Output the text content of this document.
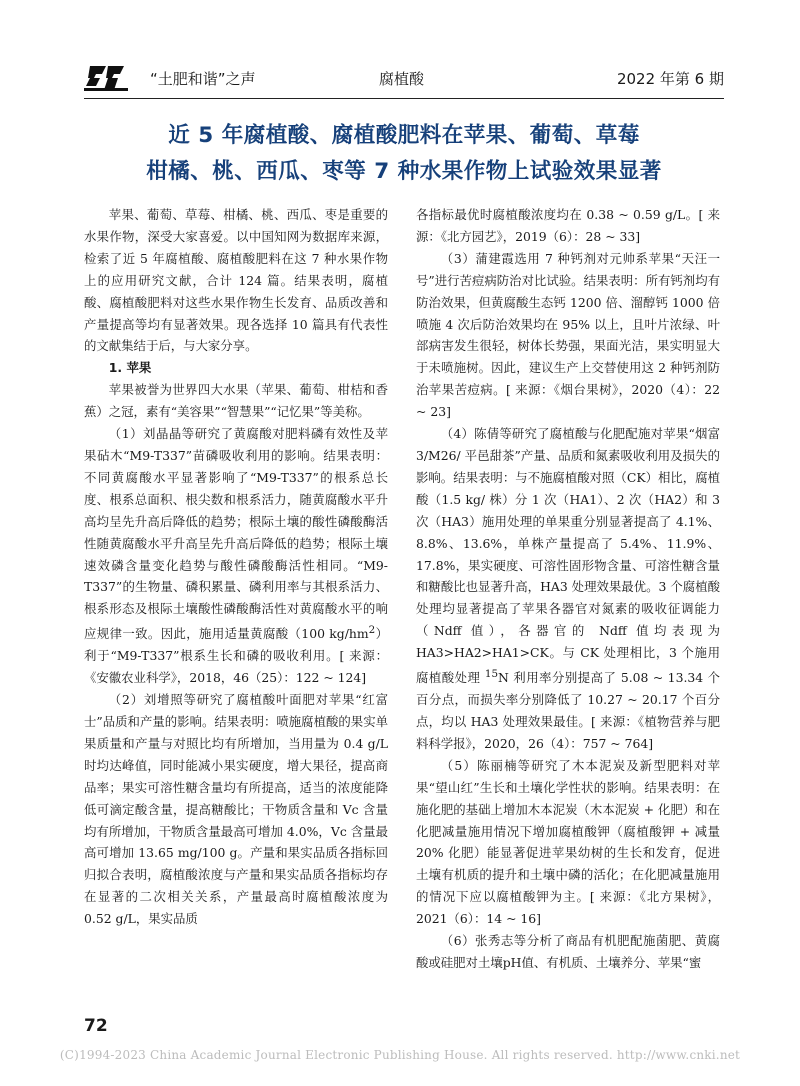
“土肥和谐”之声	腐植酸	2022 年第 6 期
近 5 年腐植酸、腐植酸肥料在苹果、葡萄、草莓
柑橘、桃、西瓜、枣等 7 种水果作物上试验效果显著

苹果、葡萄、草莓、柑橘、桃、西瓜、枣是重要的水果作物，深受大家喜爱。以中国知网为数据库来源，检索了近 5 年腐植酸、腐植酸肥料在这 7 种水果作物上的应用研究文献，合计 124 篇。结果表明，腐植酸、腐植酸肥料对这些水果作物生长发育、品质改善和产量提高等均有显著效果。现各选择 10 篇具有代表性的文献集结于后，与大家分享。

1. 苹果

苹果被誉为世界四大水果（苹果、葡萄、柑桔和香蕉）之冠，素有“美容果”“智慧果”“记忆果”等美称。

（1）刘晶晶等研究了黄腐酸对肥料磷有效性及苹果砧木“M9-T337”苗磷吸收利用的影响。结果表明：不同黄腐酸水平显著影响了“M9-T337”的根系总长度、根系总面积、根尖数和根系活力，随黄腐酸水平升高均呈先升高后降低的趋势；根际土壤的酸性磷酸酶活性随黄腐酸水平升高呈先升高后降低的趋势；根际土壤速效磷含量变化趋势与酸性磷酸酶活性相同。“M9-T337”的生物量、磷积累量、磷利用率与其根系活力、根系形态及根际土壤酸性磷酸酶活性对黄腐酸水平的响应规律一致。因此，施用适量黄腐酸（100 $kg/hm^2$）利于“M9-T337”根系生长和磷的吸收利用。[ 来源：《安徽农业科学》，2018，46（25）：122 ~ 124]

（2）刘增照等研究了腐植酸叶面肥对苹果“红富士”品质和产量的影响。结果表明：喷施腐植酸的果实单果质量和产量与对照比均有所增加，当用量为 0.4 g/L 时均达峰值，同时能减小果实硬度，增大果径，提高商品率；果实可溶性糖含量均有所提高，适当的浓度能降低可滴定酸含量，提高糖酸比；干物质含量和 Vc 含量均有所增加，干物质含量最高可增加 4.0%，Vc 含量最高可增加 13.65 mg/100 g。产量和果实品质各指标回归拟合表明，腐植酸浓度与产量和果实品质各指标均存在显著的二次相关关系，产量最高时腐植酸浓度为 0.52 g/L，果实品质

各指标最优时腐植酸浓度均在 0.38 ~ 0.59 g/L。[ 来源：《北方园艺》，2019（6）：28 ~ 33]

（3）蒲建霞选用 7 种钙剂对元帅系苹果“天汪一号”进行苦痘病防治对比试验。结果表明：所有钙剂均有防治效果，但黄腐酸生态钙 1200 倍、溜醇钙 1000 倍喷施 4 次后防治效果均在 95% 以上，且叶片浓绿、叶部病害发生很轻，树体长势强，果面光洁，果实明显大于未喷施树。因此，建议生产上交替使用这 2 种钙剂防治苹果苦痘病。[ 来源：《烟台果树》，2020（4）：22 ~ 23]

（4）陈倩等研究了腐植酸与化肥配施对苹果“烟富 3/M26/ 平邑甜茶”产量、品质和氮素吸收利用及损失的影响。结果表明：与不施腐植酸对照（CK）相比，腐植酸（1.5 kg/ 株）分 1 次（HA1）、2 次（HA2）和 3 次（HA3）施用处理的单果重分别显著提高了 4.1%、8.8%、13.6%，单株产量提高了 5.4%、11.9%、17.8%，果实硬度、可溶性固形物含量、可溶性糖含量和糖酸比也显著升高，HA3 处理效果最优。3 个腐植酸处理均显著提高了苹果各器官对氮素的吸收征调能力（Ndff 值），各器官的 Ndff 值均表现为 HA3>HA2>HA1>CK。与 CK 处理相比，3 个施用腐植酸处理 $^{15}$N 利用率分别提高了 5.08 ~ 13.34 个百分点，而损失率分别降低了 10.27 ~ 20.17 个百分点，均以 HA3 处理效果最佳。[ 来源：《植物营养与肥料科学报》，2020，26（4）：757 ~ 764]

（5）陈丽楠等研究了木本泥炭及新型肥料对苹果“望山红”生长和土壤化学性状的影响。结果表明：在施化肥的基础上增加木本泥炭（木本泥炭 + 化肥）和在化肥减量施用情况下增加腐植酸钾（腐植酸钾 + 减量 20% 化肥）能显著促进苹果幼树的生长和发育，促进土壤有机质的提升和土壤中磷的活化；在化肥减量施用的情况下应以腐植酸钾为主。[ 来源：《北方果树》，2021（6）：14 ~ 16]

（6）张秀志等分析了商品有机肥配施菌肥、黄腐酸或硅肥对土壤pH值、有机质、土壤养分、苹果“蜜

72
(C)1994-2023 China Academic Journal Electronic Publishing House. All rights reserved. http://www.cnki.net
